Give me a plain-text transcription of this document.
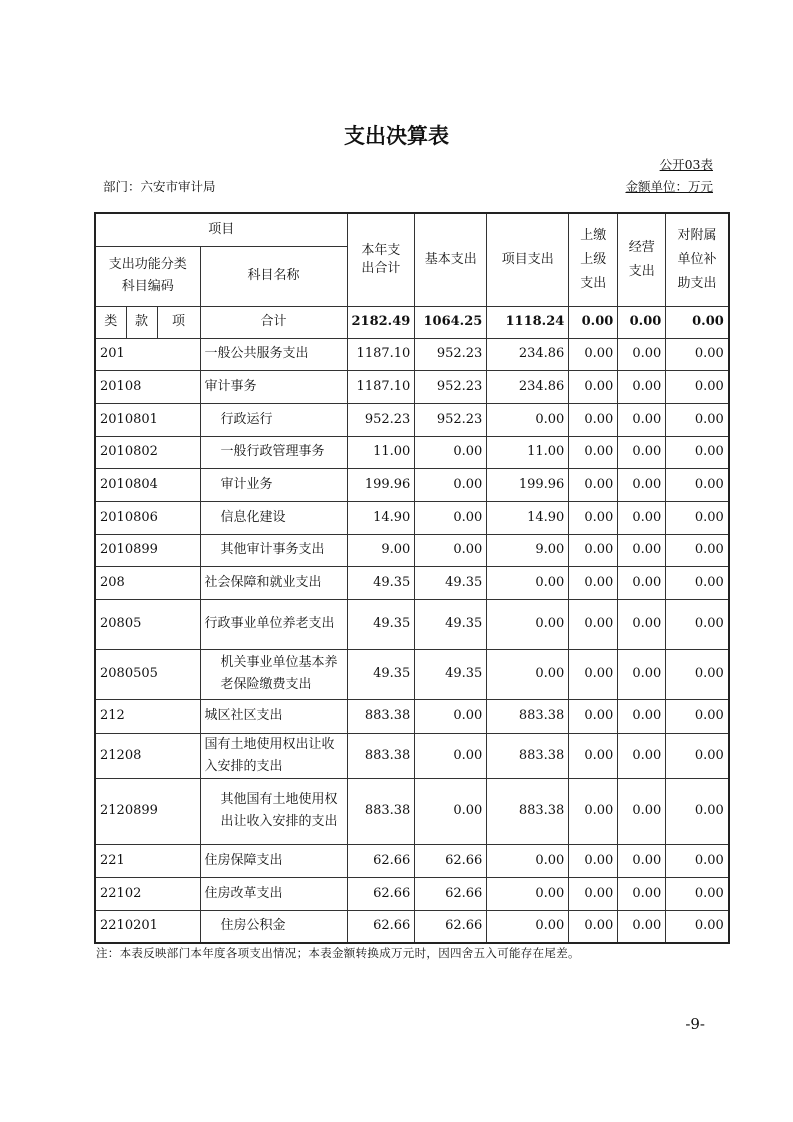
支出决算表
公开03表
部门：六安市审计局	金额单位：万元
项目				本年支出合计	基本支出	项目支出	上缴上级支出	经营支出	对附属单位补助支出

支出功能分类科目编码			科目名称						
类	款	项	合计	2182.49	1064.25	1118.24	0.00	0.00	0.00
201			一般公共服务支出	1187.10	952.23	234.86	0.00	0.00	0.00
20108			审计事务	1187.10	952.23	234.86	0.00	0.00	0.00
2010801			行政运行	952.23	952.23	0.00	0.00	0.00	0.00
2010802			一般行政管理事务	11.00	0.00	11.00	0.00	0.00	0.00
2010804			审计业务	199.96	0.00	199.96	0.00	0.00	0.00
2010806			信息化建设	14.90	0.00	14.90	0.00	0.00	0.00
2010899			其他审计事务支出	9.00	0.00	9.00	0.00	0.00	0.00
208			社会保障和就业支出	49.35	49.35	0.00	0.00	0.00	0.00
20805			行政事业单位养老支出	49.35	49.35	0.00	0.00	0.00	0.00
2080505			机关事业单位基本养老保险缴费支出	49.35	49.35	0.00	0.00	0.00	0.00
212			城区社区支出	883.38	0.00	883.38	0.00	0.00	0.00
21208			国有土地使用权出让收入安排的支出	883.38	0.00	883.38	0.00	0.00	0.00
2120899			其他国有土地使用权出让收入安排的支出	883.38	0.00	883.38	0.00	0.00	0.00
221			住房保障支出	62.66	62.66	0.00	0.00	0.00	0.00
22102			住房改革支出	62.66	62.66	0.00	0.00	0.00	0.00
2210201			住房公积金	62.66	62.66	0.00	0.00	0.00	0.00
注：本表反映部门本年度各项支出情况；本表金额转换成万元时，因四舍五入可能存在尾差。
-9-
